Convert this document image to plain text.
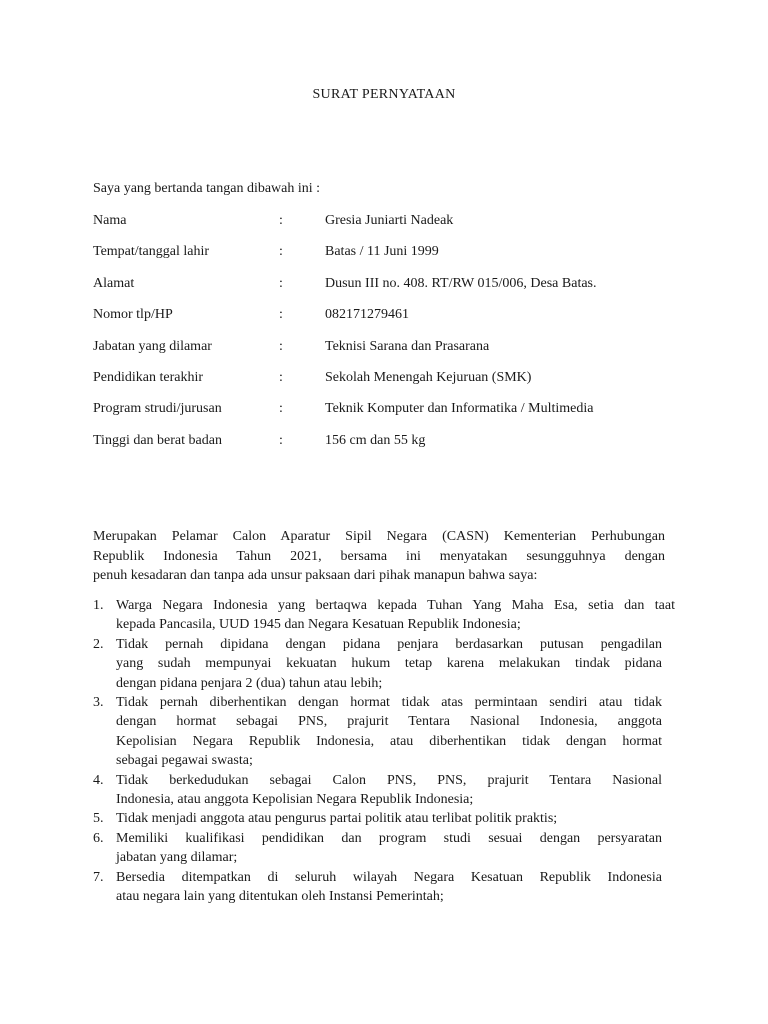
SURAT PERNYATAAN
Saya yang bertanda tangan dibawah ini :
Nama	:	Gresia Juniarti Nadeak
Tempat/tanggal lahir	:	Batas / 11 Juni 1999
Alamat	:	Dusun III no. 408. RT/RW 015/006, Desa Batas.
Nomor tlp/HP	:	082171279461
Jabatan yang dilamar	:	Teknisi Sarana dan Prasarana
Pendidikan terakhir	:	Sekolah Menengah Kejuruan (SMK)
Program strudi/jurusan	:	Teknik Komputer dan Informatika / Multimedia
Tinggi dan berat badan	:	156 cm dan 55 kg
Merupakan Pelamar Calon Aparatur Sipil Negara (CASN) Kementerian Perhubungan
Republik Indonesia Tahun 2021, bersama ini menyatakan sesungguhnya dengan
penuh kesadaran dan tanpa ada unsur paksaan dari pihak manapun bahwa saya:
1. Warga Negara Indonesia yang bertaqwa kepada Tuhan Yang Maha Esa, setia dan taat
kepada Pancasila, UUD 1945 dan Negara Kesatuan Republik Indonesia;
2. Tidak pernah dipidana dengan pidana penjara berdasarkan putusan pengadilan
yang sudah mempunyai kekuatan hukum tetap karena melakukan tindak pidana
dengan pidana penjara 2 (dua) tahun atau lebih;
3. Tidak pernah diberhentikan dengan hormat tidak atas permintaan sendiri atau tidak
dengan hormat sebagai PNS, prajurit Tentara Nasional Indonesia, anggota
Kepolisian Negara Republik Indonesia, atau diberhentikan tidak dengan hormat
sebagai pegawai swasta;
4. Tidak berkedudukan sebagai Calon PNS, PNS, prajurit Tentara Nasional
Indonesia, atau anggota Kepolisian Negara Republik Indonesia;
5. Tidak menjadi anggota atau pengurus partai politik atau terlibat politik praktis;
6. Memiliki kualifikasi pendidikan dan program studi sesuai dengan persyaratan
jabatan yang dilamar;
7. Bersedia ditempatkan di seluruh wilayah Negara Kesatuan Republik Indonesia
atau negara lain yang ditentukan oleh Instansi Pemerintah;
